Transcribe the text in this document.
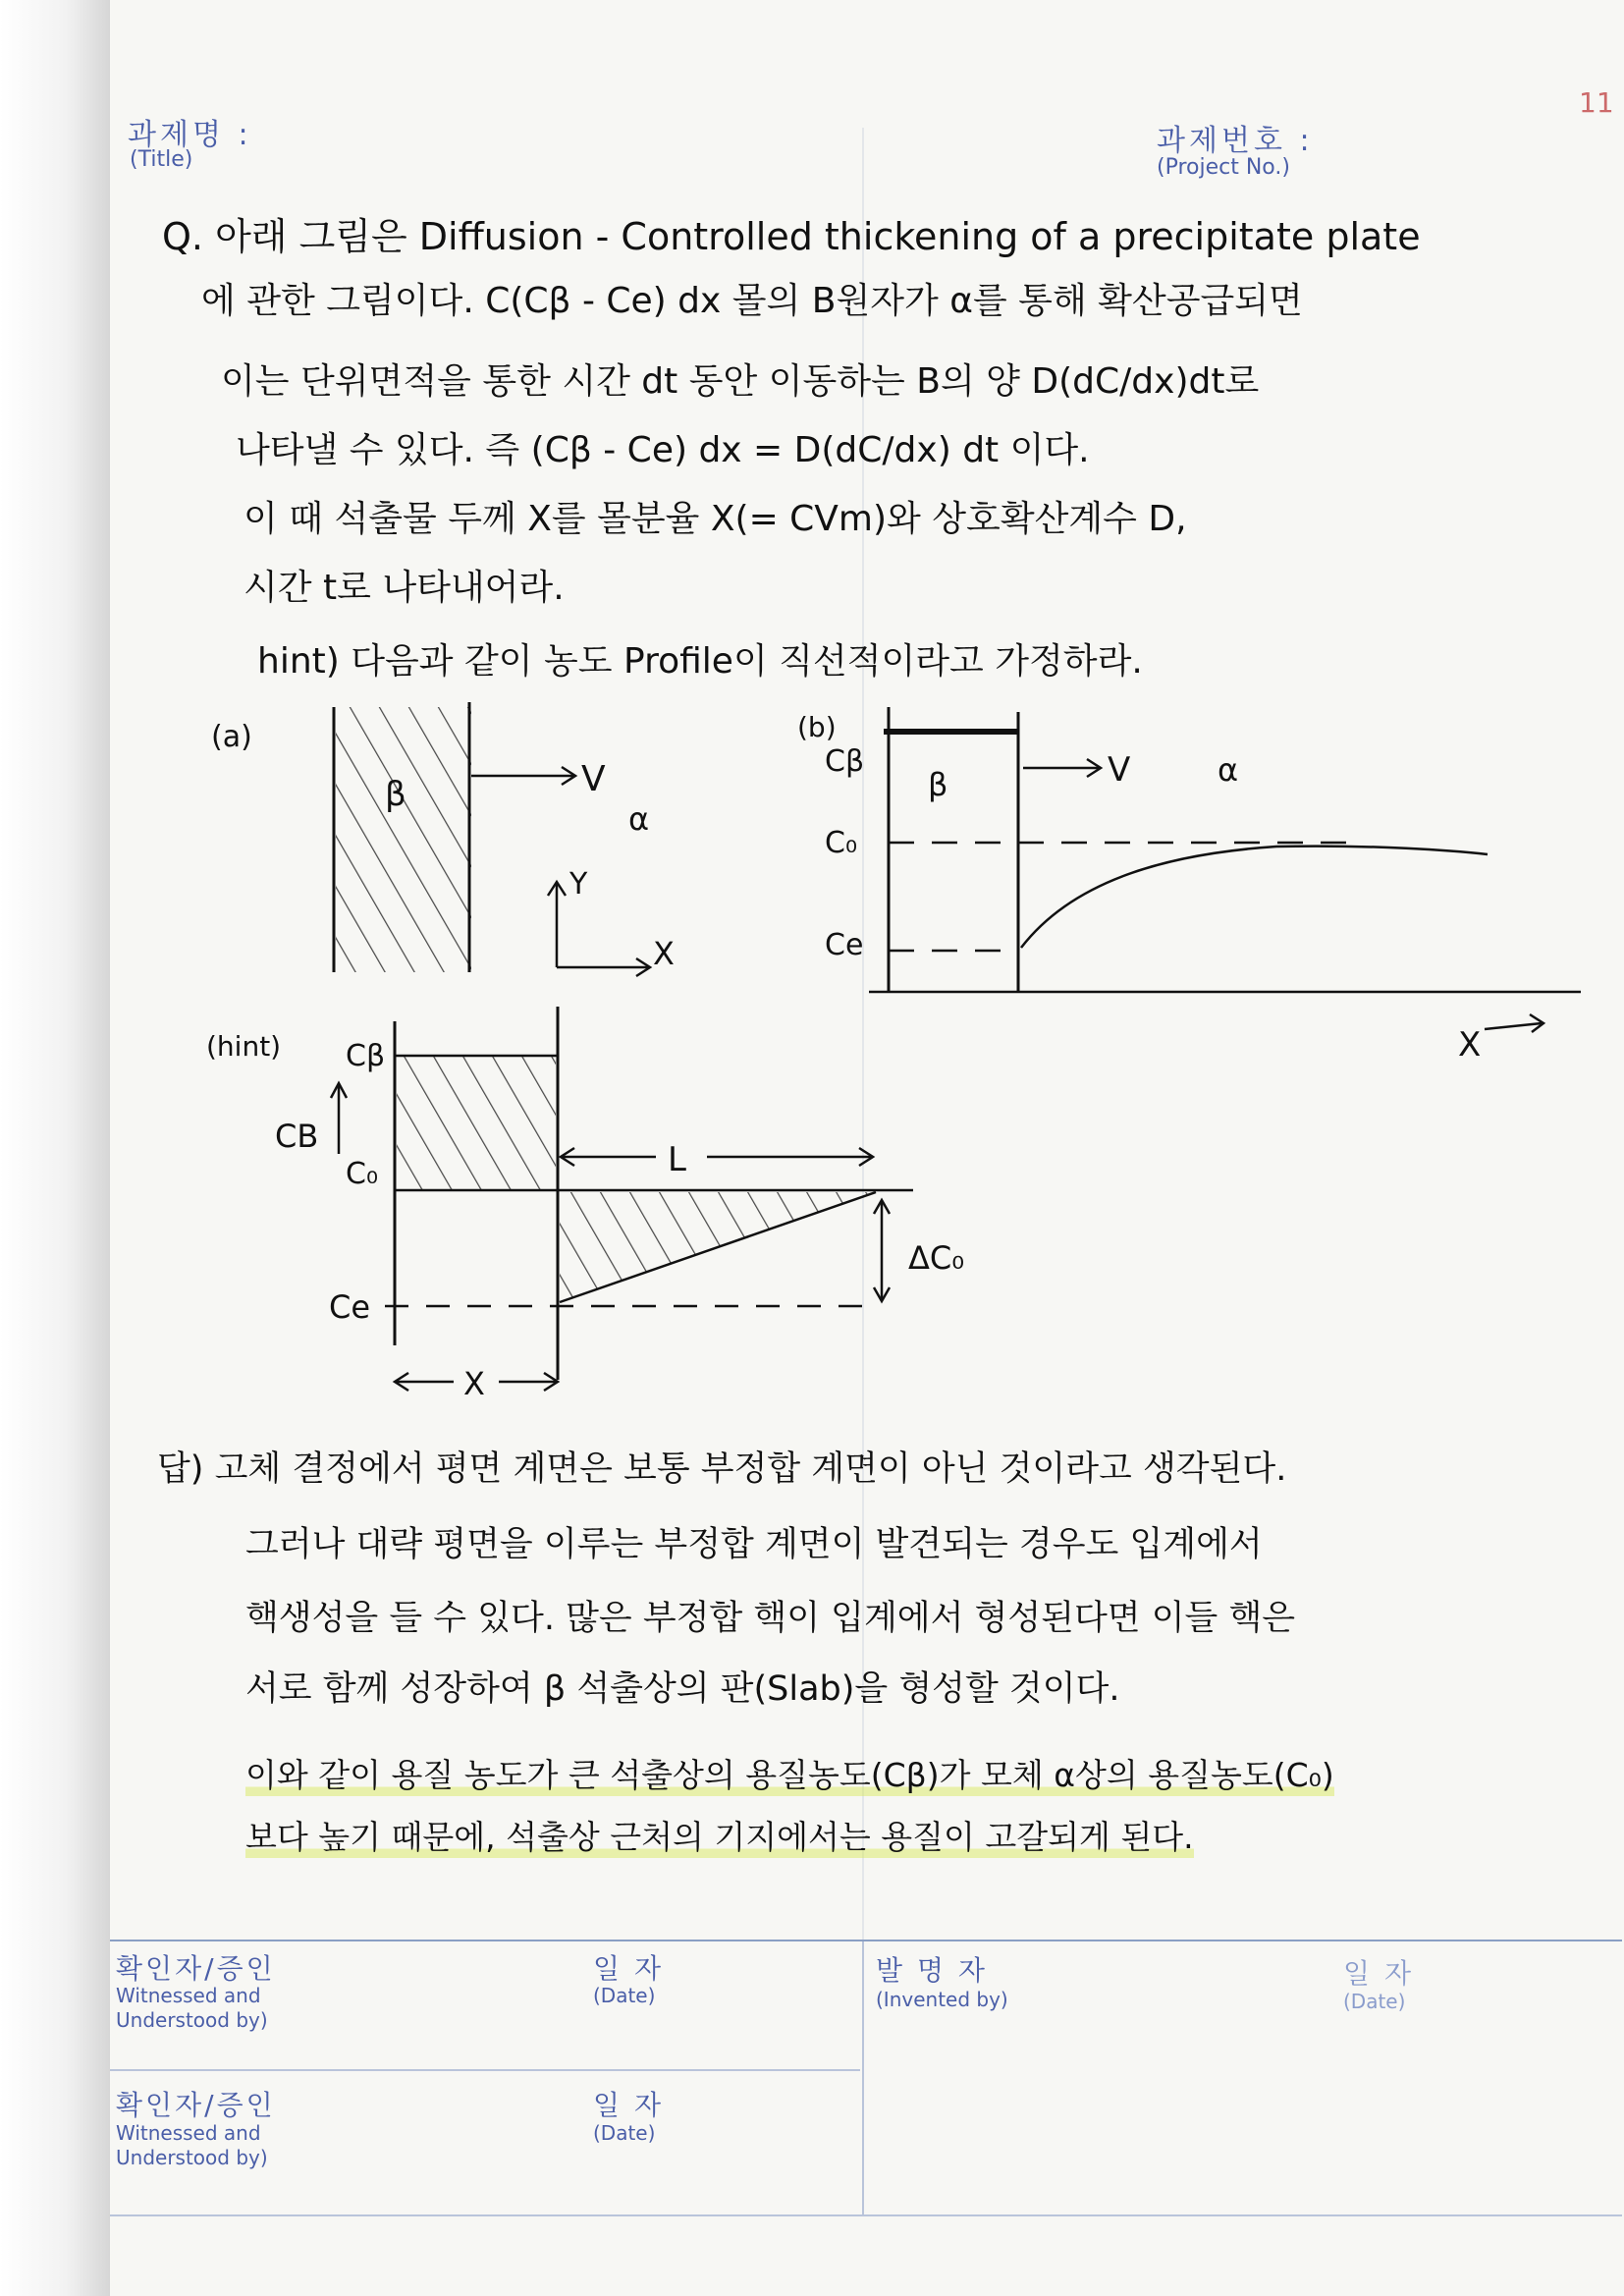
11
과제명 :
(Title)
과제번호 :
(Project No.)
Q. 아래 그림은 Diffusion - Controlled thickening of a precipitate plate
에 관한 그림이다. C(Cβ - Ce) dx 몰의 B원자가 α를 통해 확산공급되면
이는 단위면적을 통한 시간 dt 동안 이동하는 B의 양 D(dC/dx)dt로
나타낼 수 있다. 즉 (Cβ - Ce) dx = D(dC/dx) dt 이다.
이 때 석출물 두께 X를 몰분율 X(= CVm)와 상호확산계수 D,
시간 t로 나타내어라.
hint) 다음과 같이 농도 Profile이 직선적이라고 가정하라.
(a)
β	V
α
Y
X
(b)
Cβ
β	V	α
C₀
Ce
X
(hint) Cβ
CB
C₀
Ce
L
ΔC₀
X
답) 고체 결정에서 평면 계면은 보통 부정합 계면이 아닌 것이라고 생각된다.
그러나 대략 평면을 이루는 부정합 계면이 발견되는 경우도 입계에서
핵생성을 들 수 있다. 많은 부정합 핵이 입계에서 형성된다면 이들 핵은
서로 함께 성장하여 β 석출상의 판(Slab)을 형성할 것이다.
이와 같이 용질 농도가 큰 석출상의 용질농도(Cβ)가 모체 α상의 용질농도(C₀)
보다 높기 때문에, 석출상 근처의 기지에서는 용질이 고갈되게 된다.
확인자/증인
Witnessed and
Understood by)
일 자
(Date)
발 명 자
(Invented by)
일 자
(Date)
확인자/증인
Witnessed and
Understood by)
일 자
(Date)
